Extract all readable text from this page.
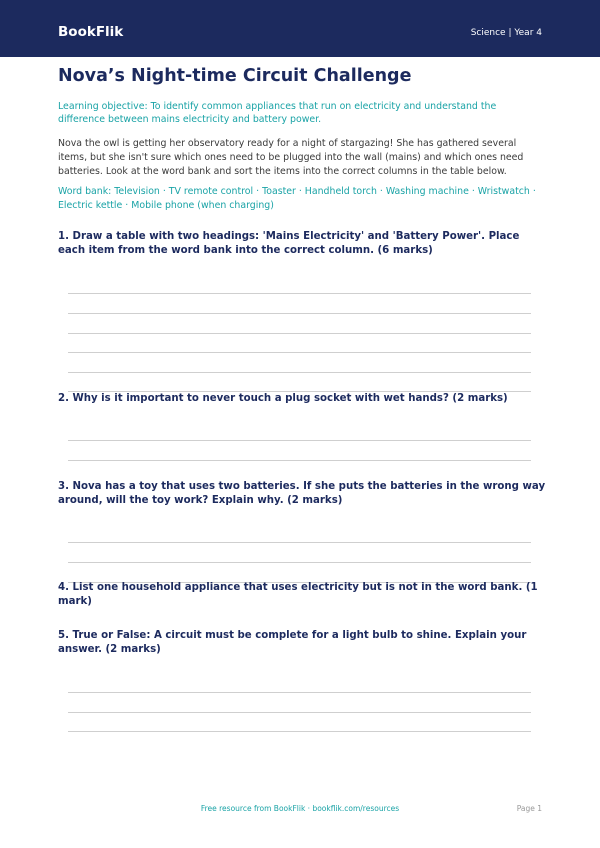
BookFlik	Science | Year 4
Nova’s Night-time Circuit Challenge
Learning objective: To identify common appliances that run on electricity and understand the difference between mains electricity and battery power.
Nova the owl is getting her observatory ready for a night of stargazing! She has gathered several items, but she isn't sure which ones need to be plugged into the wall (mains) and which ones need batteries. Look at the word bank and sort the items into the correct columns in the table below.
Word bank: Television · TV remote control · Toaster · Handheld torch · Washing machine · Wristwatch · Electric kettle · Mobile phone (when charging)
1. Draw a table with two headings: 'Mains Electricity' and 'Battery Power'. Place each item from the word bank into the correct column. (6 marks)
2. Why is it important to never touch a plug socket with wet hands? (2 marks)
3. Nova has a toy that uses two batteries. If she puts the batteries in the wrong way around, will the toy work? Explain why. (2 marks)
4. List one household appliance that uses electricity but is not in the word bank. (1 mark)
5. True or False: A circuit must be complete for a light bulb to shine. Explain your answer. (2 marks)
Free resource from BookFlik · bookflik.com/resources	Page 1
